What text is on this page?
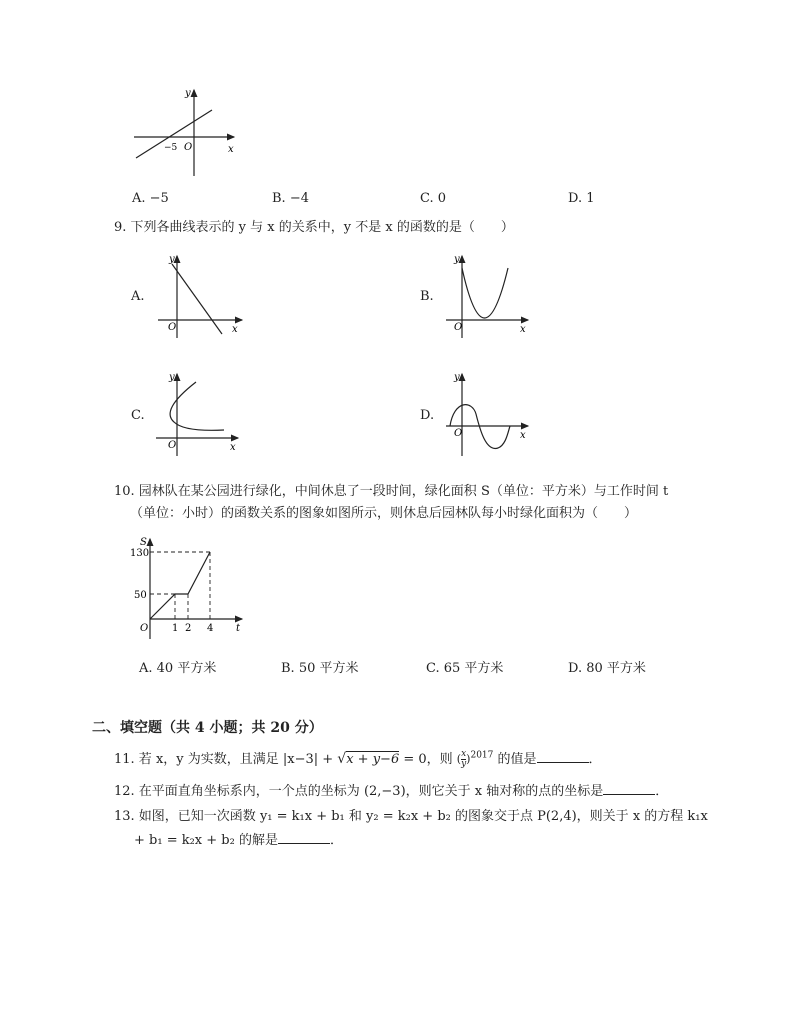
y
x
O
−5
A. −5	B. −4	C. 0	D. 1
9. 下列各曲线表示的 y 与 x 的关系中，y 不是 x 的函数的是（　　）
A.
y
x
O
B.
y
x
O
C.
y
x
O
D.
y
x
O
10. 园林队在某公园进行绿化，中间休息了一段时间，绿化面积 S（单位：平方米）与工作时间 t
（单位：小时）的函数关系的图象如图所示，则休息后园林队每小时绿化面积为（　　）
S
t
O
130
50
1 2 4
A. 40 平方米	B. 50 平方米	C. 65 平方米	D. 80 平方米
二、填空题（共 4 小题；共 20 分）
11. 若 x，y 为实数，且满足 |x−3| + √x + y−6 = 0，则 ( $\frac{x}{y} )^{2017}$ 的值是	．
12. 在平面直角坐标系内，一个点的坐标为 (2,−3)，则它关于 x 轴对称的点的坐标是	．
13. 如图，已知一次函数 y₁ = k₁x + b₁ 和 y₂ = k₂x + b₂ 的图象交于点 P(2,4)，则关于 x 的方程 k₁x
+ b₁ = k₂x + b₂ 的解是	．
